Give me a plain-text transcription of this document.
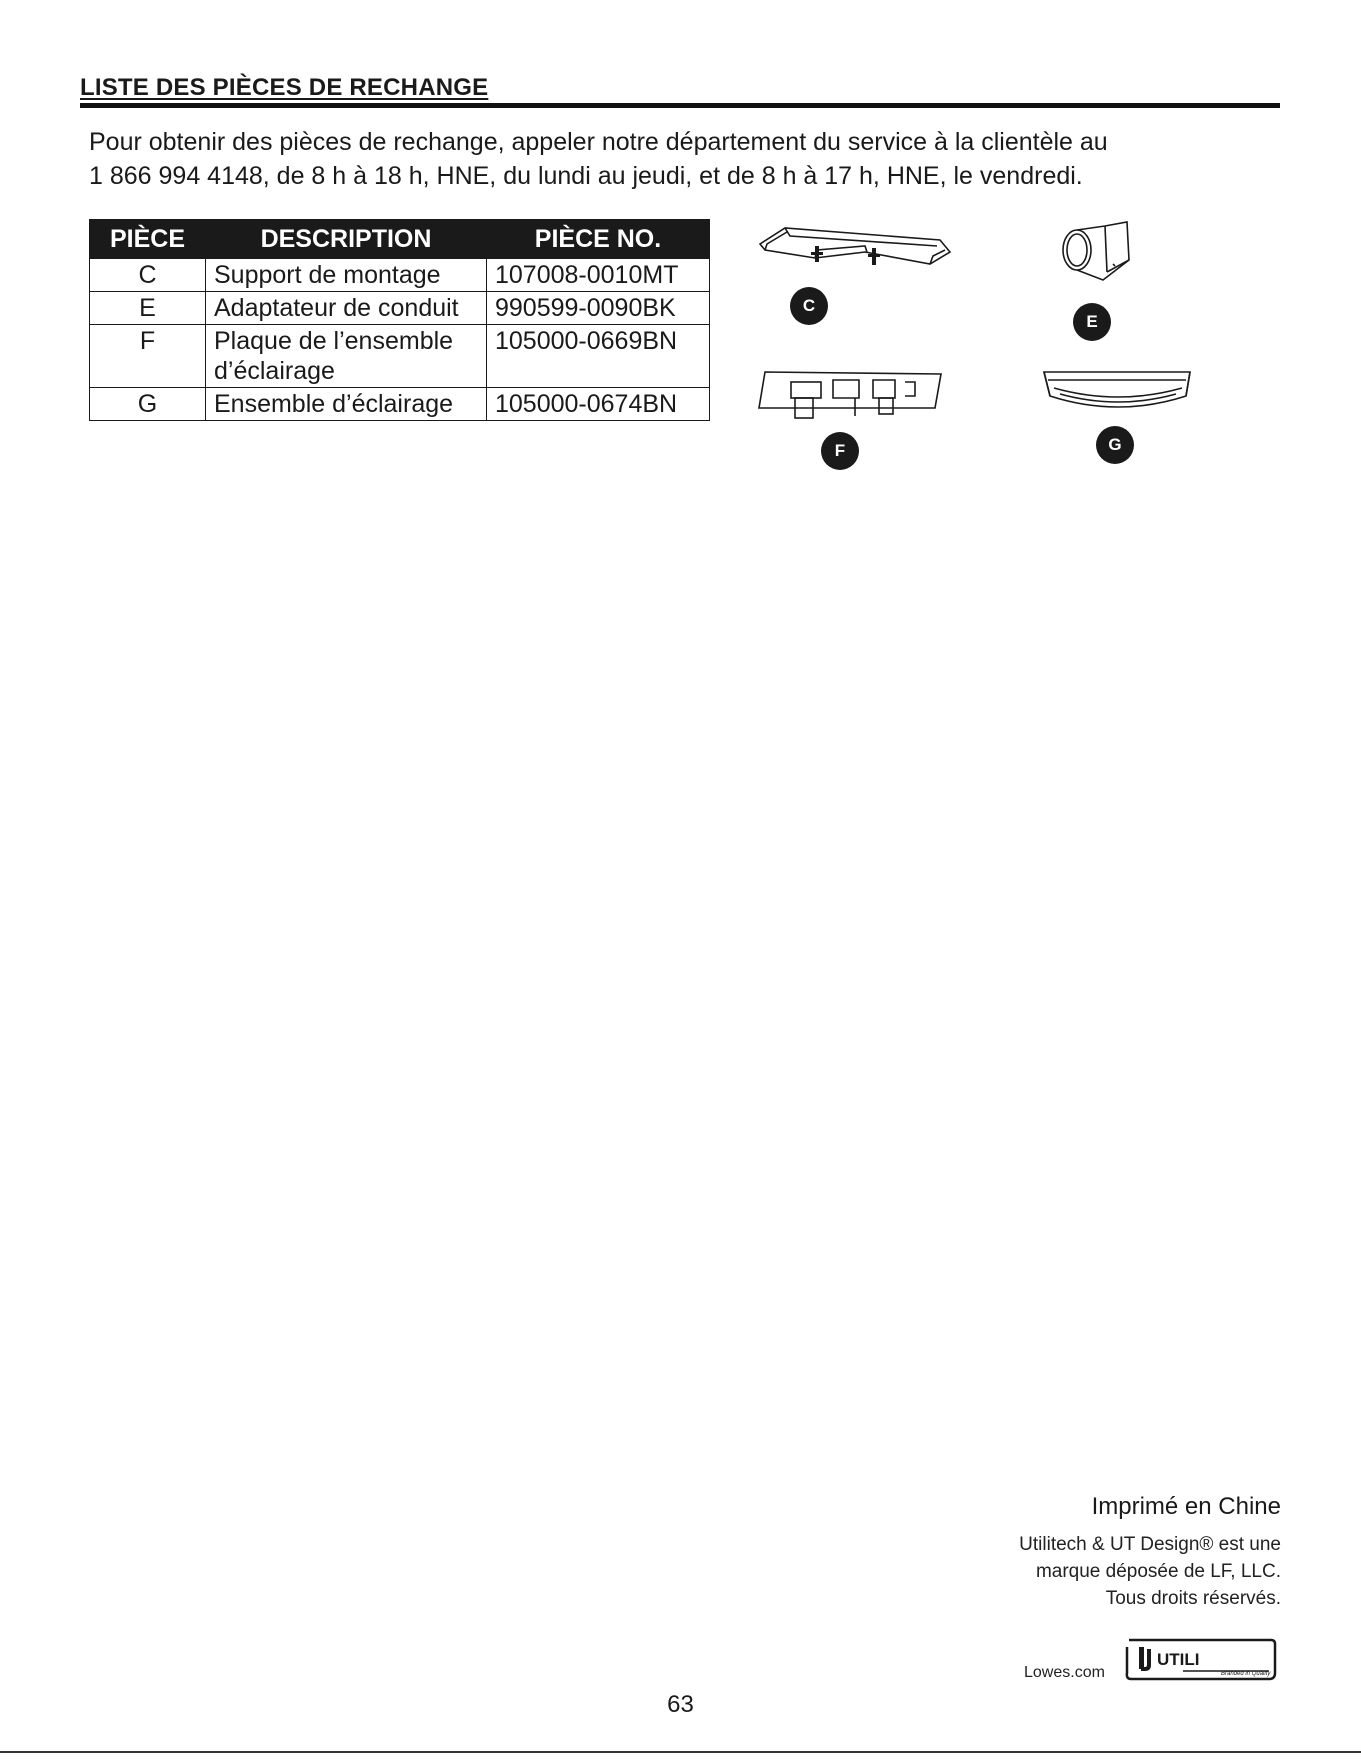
LISTE DES PIÈCES DE RECHANGE
Pour obtenir des pièces de rechange, appeler notre département du service à la clientèle au
1 866 994 4148, de 8 h à 18 h, HNE, du lundi au jeudi, et de 8 h à 17 h, HNE, le vendredi.
PIÈCE	DESCRIPTION	PIÈCE NO.
C	Support de montage	107008-0010MT
E	Adaptateur de conduit	990599-0090BK
F	Plaque de l’ensemble d’éclairage	105000-0669BN
G	Ensemble d’éclairage	105000-0674BN
C
E
F	G
Imprimé en Chine
Utilitech & UT Design® est une
marque déposée de LF, LLC.
Tous droits réservés.
Lowes.com
UTILI
Branded in Quality
63
